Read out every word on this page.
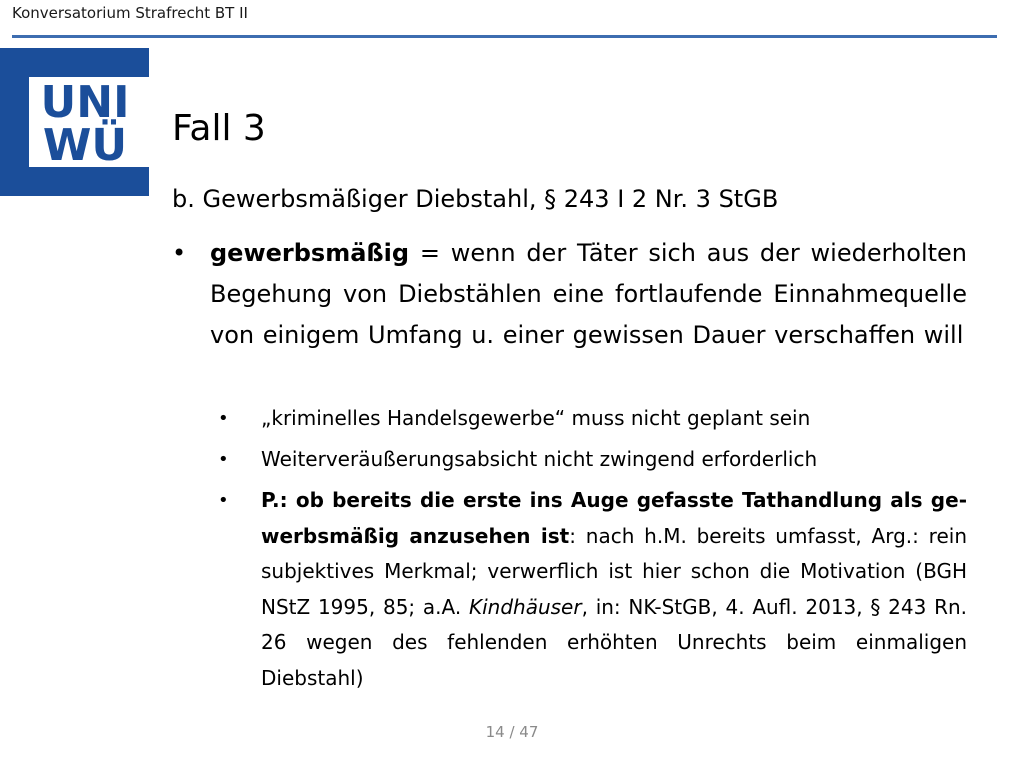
Konversatorium Strafrecht BT II
UNI
WÜ Fall 3
b. Gewerbsmäßiger Diebstahl, § 243 I 2 Nr. 3 StGB
• gewerbsmäßig = wenn der Täter sich aus der wiederholten Begehung von Diebstählen eine fortlaufende Einnahmequelle von einigem Umfang u. einer gewissen Dauer verschaffen will
• „kriminelles Handelsgewerbe“ muss nicht geplant sein
• Weiterveräußerungsabsicht nicht zwingend erforderlich
• P.: ob bereits die erste ins Auge gefasste Tathandlung als gewerbsmäßig anzusehen ist: nach h.M. bereits umfasst, Arg.: rein subjektives Merkmal; verwerflich ist hier schon die Motivation (BGH NStZ 1995, 85; a.A. Kindhäuser, in: NK-StGB, 4. Aufl. 2013, § 243 Rn. 26 wegen des fehlenden erhöhten Unrechts beim einmaligen Diebstahl)
14 / 47
